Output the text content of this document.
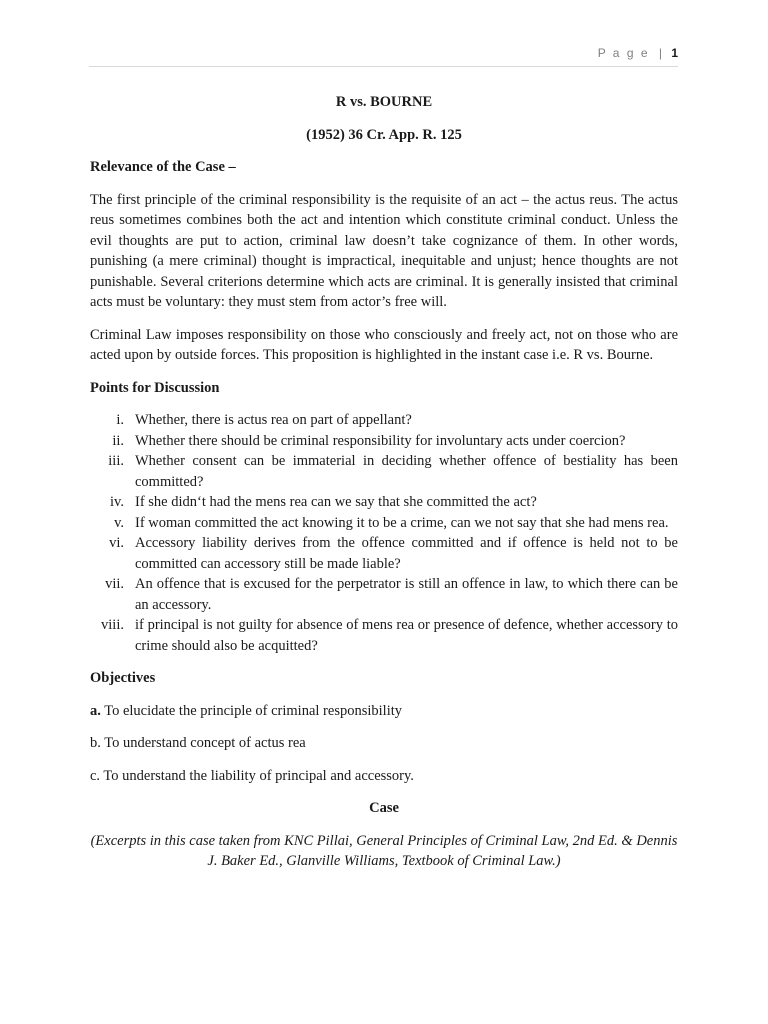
P a g e | 1

R vs. BOURNE

(1952) 36 Cr. App. R. 125

Relevance of the Case –

The first principle of the criminal responsibility is the requisite of an act – the actus reus. The actus reus sometimes combines both the act and intention which constitute criminal conduct. Unless the evil thoughts are put to action, criminal law doesn’t take cognizance of them. In other words, punishing (a mere criminal) thought is impractical, inequitable and unjust; hence thoughts are not punishable. Several criterions determine which acts are criminal. It is generally insisted that criminal acts must be voluntary: they must stem from actor’s free will.

Criminal Law imposes responsibility on those who consciously and freely act, not on those who are acted upon by outside forces. This proposition is highlighted in the instant case i.e. R vs. Bourne.

Points for Discussion

i. Whether, there is actus rea on part of appellant?
ii. Whether there should be criminal responsibility for involuntary acts under coercion?
iii. Whether consent can be immaterial in deciding whether offence of bestiality has been committed?
iv. If she didn‘t had the mens rea can we say that she committed the act?
v. If woman committed the act knowing it to be a crime, can we not say that she had mens rea.
vi. Accessory liability derives from the offence committed and if offence is held not to be committed can accessory still be made liable?
vii. An offence that is excused for the perpetrator is still an offence in law, to which there can be an accessory.
viii. if principal is not guilty for absence of mens rea or presence of defence, whether accessory to crime should also be acquitted?

Objectives

a. To elucidate the principle of criminal responsibility

b. To understand concept of actus rea

c. To understand the liability of principal and accessory.

Case

(Excerpts in this case taken from KNC Pillai, General Principles of Criminal Law, 2nd Ed. & Dennis J. Baker Ed., Glanville Williams, Textbook of Criminal Law.)
